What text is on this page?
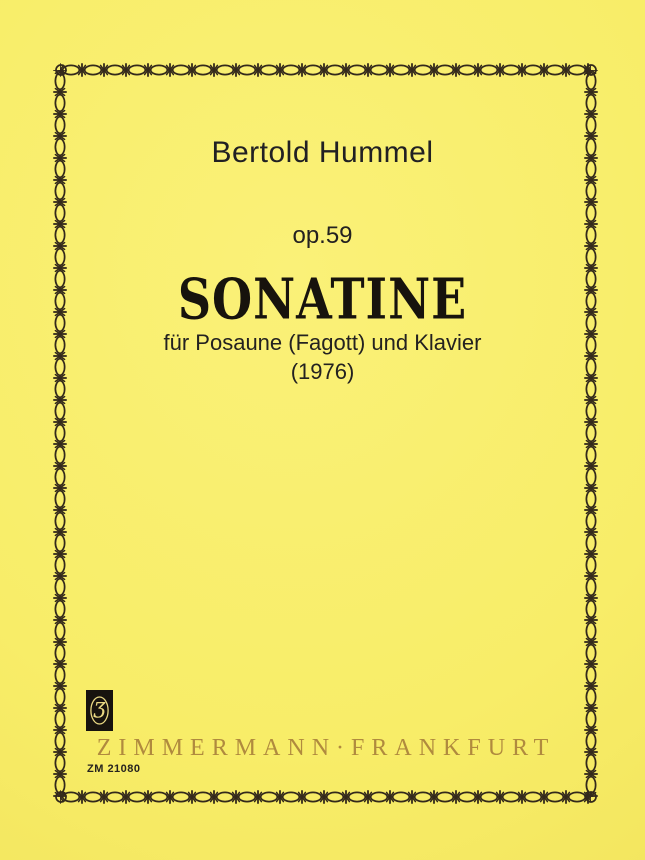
Bertold Hummel
op.59
SONATINE
für Posaune (Fagott) und Klavier
(1976)
Ʒ
ZIMMERMANN·FRANKFURT
ZM 21080
